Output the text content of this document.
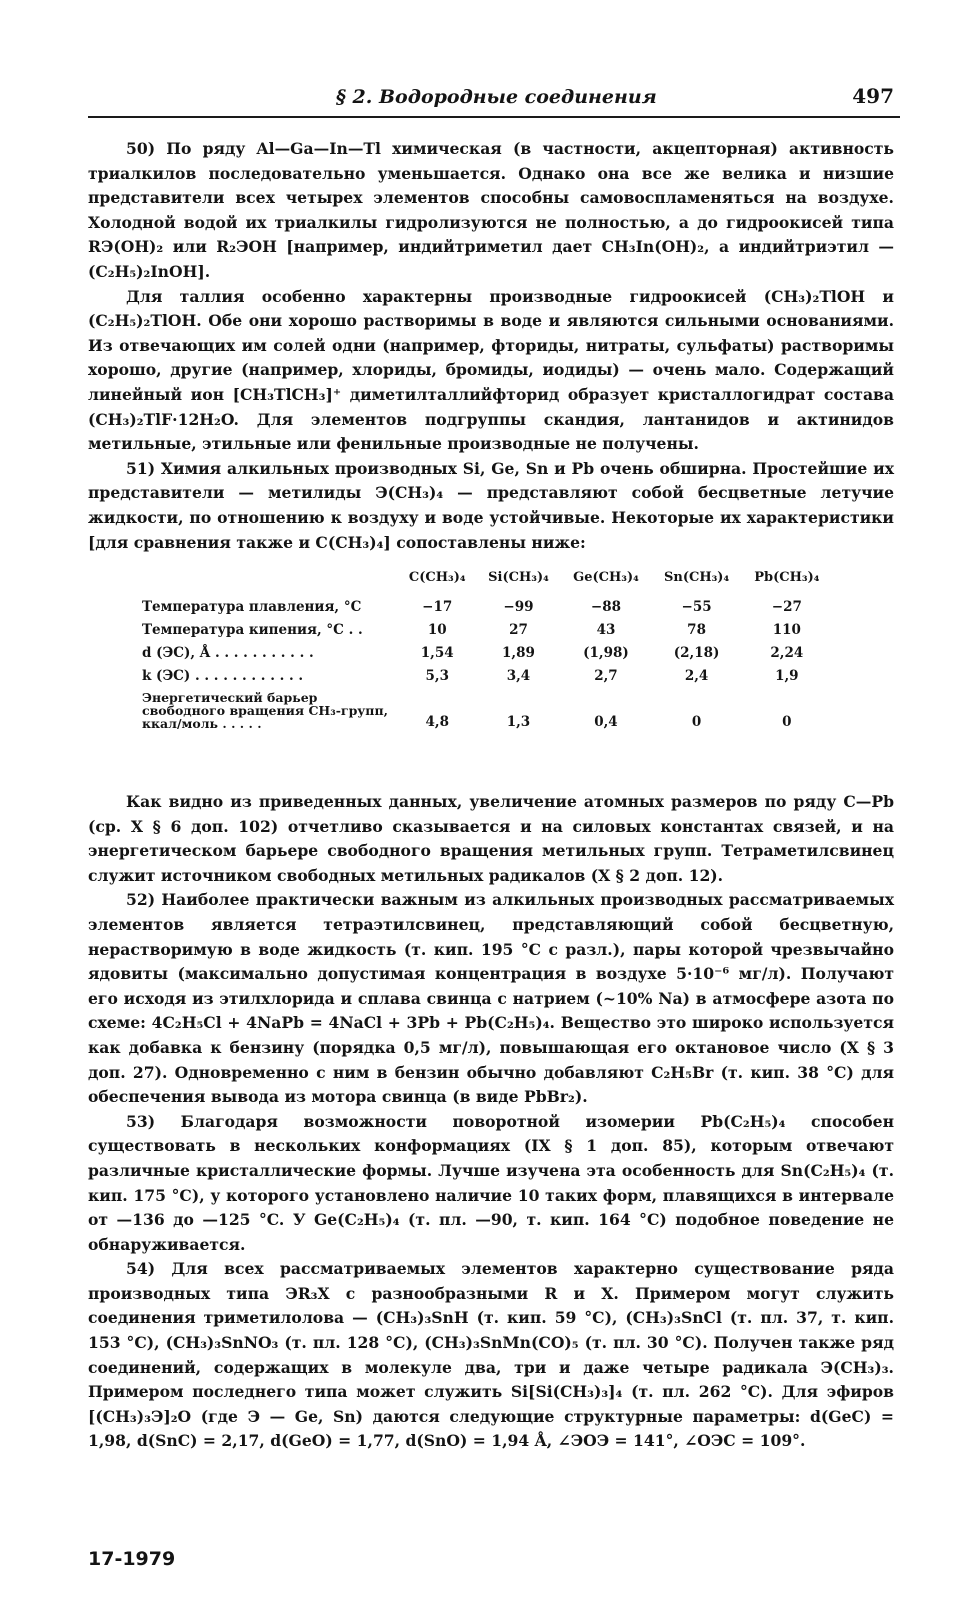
§ 2. Водородные соединения	497

50) По ряду Al—Ga—In—Tl химическая (в частности, акцепторная) активность триалкилов последовательно уменьшается. Однако она все же велика и низшие представители всех четырех элементов способны самовоспламеняться на воздухе. Холодной водой их триалкилы гидролизуются не полностью, а до гидроокисей типа RЭ(OH)₂ или R₂ЭOH [например, индийтриметил дает CH₃In(OH)₂, а индийтриэтил — (C₂H₅)₂InOH].

Для таллия особенно характерны производные гидроокисей (CH₃)₂TlOH и (C₂H₅)₂TlOH. Обе они хорошо растворимы в воде и являются сильными основаниями. Из отвечающих им солей одни (например, фториды, нитраты, сульфаты) растворимы хорошо, другие (например, хлориды, бромиды, иодиды) — очень мало. Содержащий линейный ион [CH₃TlCH₃]⁺ диметилталлийфторид образует кристаллогидрат состава (CH₃)₂TlF·12H₂O. Для элементов подгруппы скандия, лантанидов и актинидов метильные, этильные или фенильные производные не получены.

51) Химия алкильных производных Si, Ge, Sn и Pb очень обширна. Простейшие их представители — метилиды Э(CH₃)₄ — представляют собой бесцветные летучие жидкости, по отношению к воздуху и воде устойчивые. Некоторые их характеристики [для сравнения также и C(CH₃)₄] сопоставлены ниже:

	C(CH₃)₄	Si(CH₃)₄	Ge(CH₃)₄	Sn(CH₃)₄	Pb(CH₃)₄
Температура плавления, °C	−17	−99	−88	−55	−27
Температура кипения, °C . .	10	27	43	78	110
d (ЭC), Å . . . . . . . . . . .	1,54	1,89	(1,98)	(2,18)	2,24
k (ЭC) . . . . . . . . . . . .	5,3	3,4	2,7	2,4	1,9
Энергетический барьер свободного вращения CH₃-групп, ккал/моль . . . . .	4,8	1,3	0,4	0	0

Как видно из приведенных данных, увеличение атомных размеров по ряду C—Pb (ср. X § 6 доп. 102) отчетливо сказывается и на силовых константах связей, и на энергетическом барьере свободного вращения метильных групп. Тетраметилсвинец служит источником свободных метильных радикалов (X § 2 доп. 12).

52) Наиболее практически важным из алкильных производных рассматриваемых элементов является тетраэтилсвинец, представляющий собой бесцветную, нерастворимую в воде жидкость (т. кип. 195 °C с разл.), пары которой чрезвычайно ядовиты (максимально допустимая концентрация в воздухе 5·10⁻⁶ мг/л). Получают его исходя из этилхлорида и сплава свинца с натрием (~10% Na) в атмосфере азота по схеме: 4C₂H₅Cl + 4NaPb = 4NaCl + 3Pb + Pb(C₂H₅)₄. Вещество это широко используется как добавка к бензину (порядка 0,5 мг/л), повышающая его октановое число (X § 3 доп. 27). Одновременно с ним в бензин обычно добавляют C₂H₅Br (т. кип. 38 °C) для обеспечения вывода из мотора свинца (в виде PbBr₂).

53) Благодаря возможности поворотной изомерии Pb(C₂H₅)₄ способен существовать в нескольких конформациях (IX § 1 доп. 85), которым отвечают различные кристаллические формы. Лучше изучена эта особенность для Sn(C₂H₅)₄ (т. кип. 175 °C), у которого установлено наличие 10 таких форм, плавящихся в интервале от —136 до —125 °C. У Ge(C₂H₅)₄ (т. пл. —90, т. кип. 164 °C) подобное поведение не обнаруживается.

54) Для всех рассматриваемых элементов характерно существование ряда производных типа ЭR₃X с разнообразными R и X. Примером могут служить соединения триметилолова — (CH₃)₃SnH (т. кип. 59 °C), (CH₃)₃SnCl (т. пл. 37, т. кип. 153 °C), (CH₃)₃SnNO₃ (т. пл. 128 °C), (CH₃)₃SnMn(CO)₅ (т. пл. 30 °C). Получен также ряд соединений, содержащих в молекуле два, три и даже четыре радикала Э(CH₃)₃. Примером последнего типа может служить Si[Si(CH₃)₃]₄ (т. пл. 262 °C). Для эфиров [(CH₃)₃Э]₂O (где Э — Ge, Sn) даются следующие структурные параметры: d(GeC) = 1,98, d(SnC) = 2,17, d(GeO) = 1,77, d(SnO) = 1,94 Å, ∠ЭOЭ = 141°, ∠OЭC = 109°.

17-1979
